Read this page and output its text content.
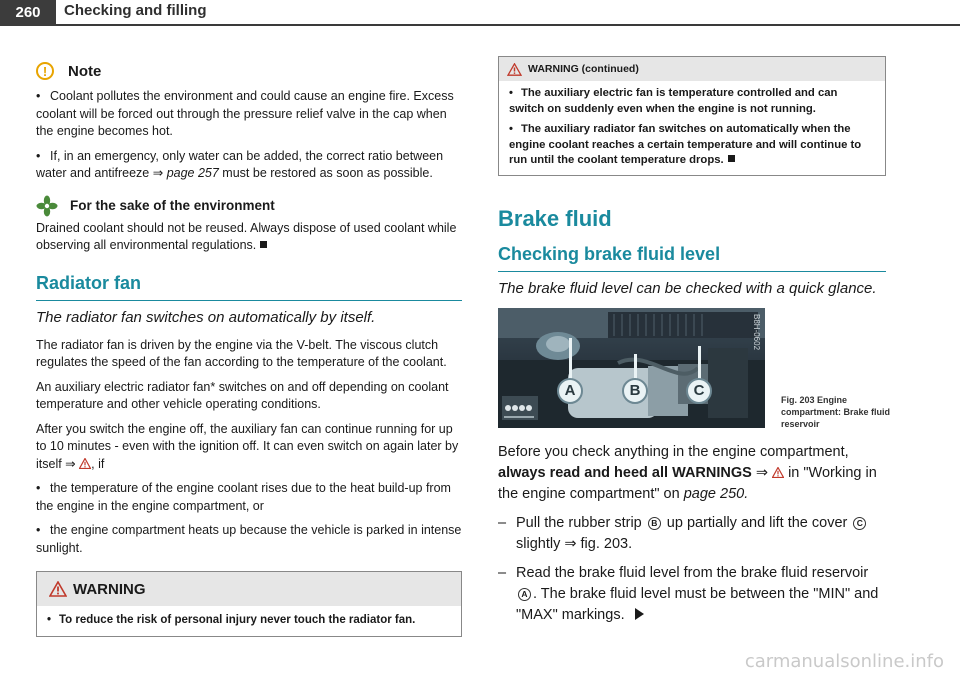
260	Checking and filling
!	Note
• Coolant pollutes the environment and could cause an engine fire. Excess coolant will be forced out through the pressure relief valve in the cap when the engine becomes hot.
• If, in an emergency, only water can be added, the correct ratio between water and antifreeze ⇒ page 257 must be restored as soon as possible.
For the sake of the environment

Drained coolant should not be reused. Always dispose of used coolant while observing all environmental regulations.

Radiator fan

The radiator fan switches on automatically by itself.

The radiator fan is driven by the engine via the V-belt. The viscous clutch regulates the speed of the fan according to the temperature of the coolant.

An auxiliary electric radiator fan* switches on and off depending on coolant temperature and other vehicle operating conditions.

After you switch the engine off, the auxiliary fan can continue running for up to 10 minutes - even with the ignition off. It can even switch on again later by itself ⇒ , if

• the temperature of the engine coolant rises due to the heat build-up from the engine in the engine compartment, or
• the engine compartment heats up because the vehicle is parked in intense sunlight.
WARNING
• To reduce the risk of personal injury never touch the radiator fan.
WARNING (continued)
• The auxiliary electric fan is temperature controlled and can switch on suddenly even when the engine is not running.
• The auxiliary radiator fan switches on automatically when the engine coolant reaches a certain temperature and will continue to run until the coolant temperature drops.
Brake fluid
Checking brake fluid level

The brake fluid level can be checked with a quick glance.

B8H-0602
A	B	C
Fig. 203 Engine compartment: Brake fluid reservoir

Before you check anything in the engine compartment, always read and heed all WARNINGS ⇒  in "Working in the engine compartment" on page 250.

– Pull the rubber strip B up partially and lift the cover C slightly ⇒ fig. 203.
– Read the brake fluid level from the brake fluid reservoir A . The brake fluid level must be between the "MIN" and "MAX" markings.
carmanualsonline.info
